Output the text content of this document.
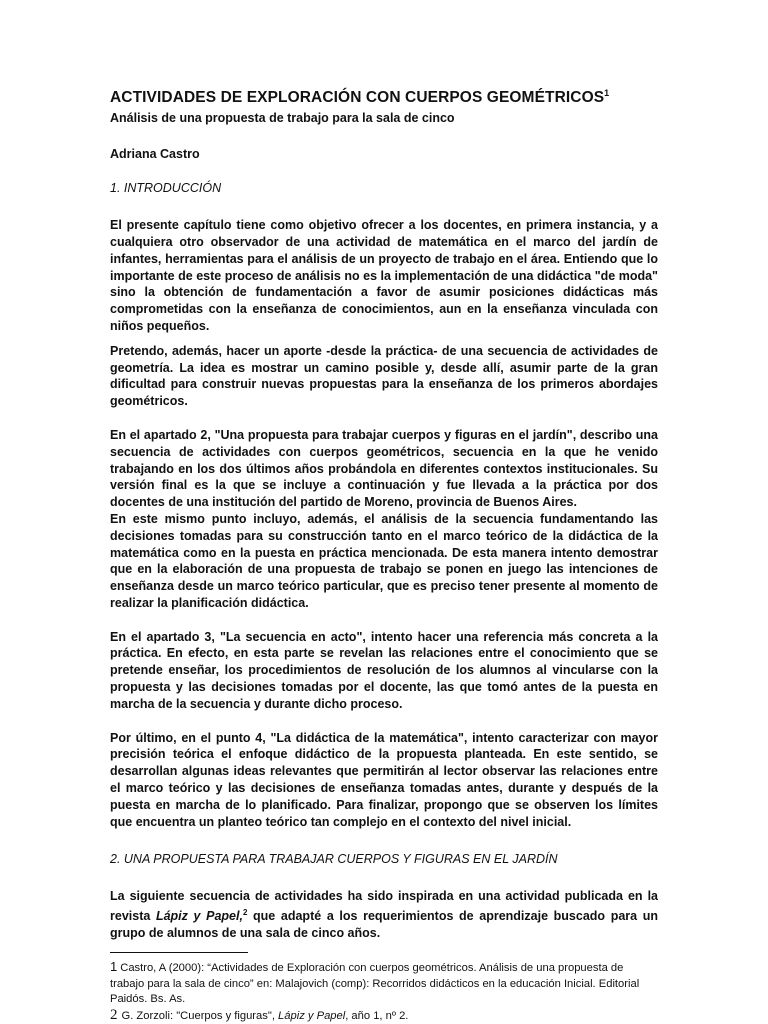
ACTIVIDADES DE EXPLORACIÓN CON CUERPOS GEOMÉTRICOS$^1$
Análisis de una propuesta de trabajo para la sala de cinco
Adriana Castro
1. INTRODUCCIÓN

El presente capítulo tiene como objetivo ofrecer a los docentes, en primera instancia, y a cualquiera otro observador de una actividad de matemática en el marco del jardín de infantes, herramientas para el análisis de un proyecto de trabajo en el área. Entiendo que lo importante de este proceso de análisis no es la implementación de una didáctica "de moda" sino la obtención de fundamentación a favor de asumir posiciones didácticas más comprometidas con la enseñanza de conocimientos, aun en la enseñanza vinculada con niños pequeños.

Pretendo, además, hacer un aporte -desde la práctica- de una secuencia de actividades de geometría. La idea es mostrar un camino posible y, desde allí, asumir parte de la gran dificultad para construir nuevas propuestas para la enseñanza de los primeros abordajes geométricos.

En el apartado 2, "Una propuesta para trabajar cuerpos y figuras en el jardín", describo una secuencia de actividades con cuerpos geométricos, secuencia en la que he venido trabajando en los dos últimos años probándola en diferentes contextos institucionales. Su versión final es la que se incluye a continuación y fue llevada a la práctica por dos docentes de una institución del partido de Moreno, provincia de Buenos Aires.

En este mismo punto incluyo, además, el análisis de la secuencia fundamentando las decisiones tomadas para su construcción tanto en el marco teórico de la didáctica de la matemática como en la puesta en práctica mencionada. De esta manera intento demostrar que en la elaboración de una propuesta de trabajo se ponen en juego las intenciones de enseñanza desde un marco teórico particular, que es preciso tener presente al momento de realizar la planificación didáctica.

En el apartado 3, "La secuencia en acto", intento hacer una referencia más concreta a la práctica. En efecto, en esta parte se revelan las relaciones entre el conocimiento que se pretende enseñar, los procedimientos de resolución de los alumnos al vincularse con la propuesta y las decisiones tomadas por el docente, las que tomó antes de la puesta en marcha de la secuencia y durante dicho proceso.

Por último, en el punto 4, "La didáctica de la matemática", intento caracterizar con mayor precisión teórica el enfoque didáctico de la propuesta planteada. En este sentido, se desarrollan algunas ideas relevantes que permitirán al lector observar las relaciones entre el marco teórico y las decisiones de enseñanza tomadas antes, durante y después de la puesta en marcha de lo planificado. Para finalizar, propongo que se observen los límites que encuentra un planteo teórico tan complejo en el contexto del nivel inicial.

2. UNA PROPUESTA PARA TRABAJAR CUERPOS Y FIGURAS EN EL JARDÍN

La siguiente secuencia de actividades ha sido inspirada en una actividad publicada en la revista Lápiz y Papel,$^2$ que adapté a los requerimientos de aprendizaje buscado para un grupo de alumnos de una sala de cinco años.

1 Castro, A (2000): “Actividades de Exploración con cuerpos geométricos. Análisis de una propuesta de trabajo para la sala de cinco” en: Malajovich (comp): Recorridos didácticos en la educación Inicial. Editorial Paidós. Bs. As.

2 G. Zorzoli: "Cuerpos y figuras", Lápiz y Papel, año 1, nº 2.
